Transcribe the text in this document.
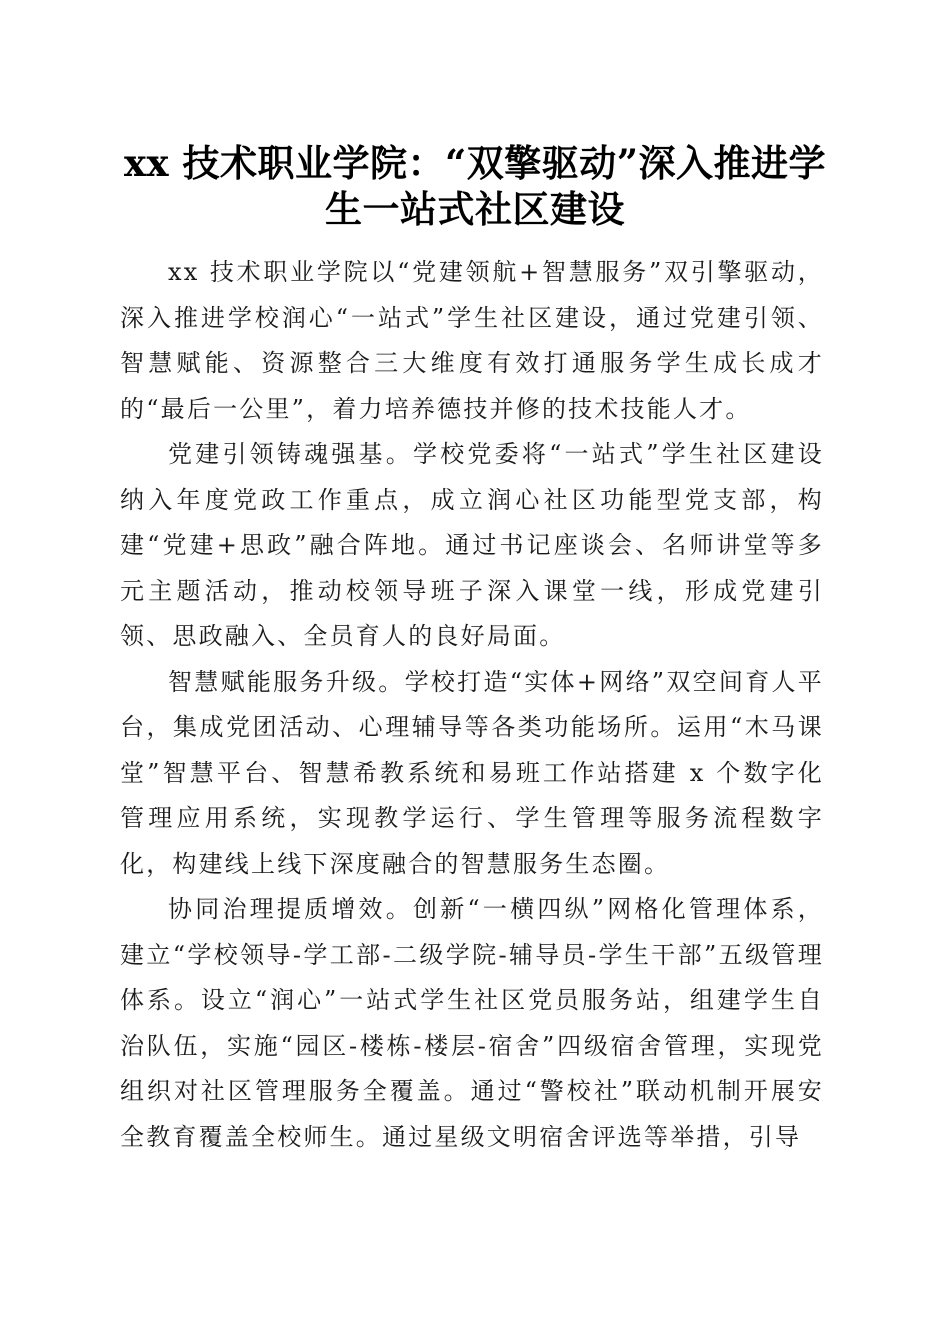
xx 技术职业学院：“双擎驱动”深入推进学
生一站式社区建设

xx 技术职业学院以“党建领航+智慧服务”双引擎驱动，深入推进学校润心“一站式”学生社区建设，通过党建引领、智慧赋能、资源整合三大维度有效打通服务学生成长成才的“最后一公里”，着力培养德技并修的技术技能人才。

党建引领铸魂强基。学校党委将“一站式”学生社区建设纳入年度党政工作重点，成立润心社区功能型党支部，构建“党建+思政”融合阵地。通过书记座谈会、名师讲堂等多元主题活动，推动校领导班子深入课堂一线，形成党建引领、思政融入、全员育人的良好局面。

智慧赋能服务升级。学校打造“实体+网络”双空间育人平台，集成党团活动、心理辅导等各类功能场所。运用“木马课堂”智慧平台、智慧希教系统和易班工作站搭建 x 个数字化管理应用系统，实现教学运行、学生管理等服务流程数字化，构建线上线下深度融合的智慧服务生态圈。

协同治理提质增效。创新“一横四纵”网格化管理体系，建立“学校领导-学工部-二级学院-辅导员-学生干部”五级管理体系。设立“润心”一站式学生社区党员服务站，组建学生自治队伍，实施“园区-楼栋-楼层-宿舍”四级宿舍管理，实现党组织对社区管理服务全覆盖。通过“警校社”联动机制开展安全教育覆盖全校师生。通过星级文明宿舍评选等举措，引导
